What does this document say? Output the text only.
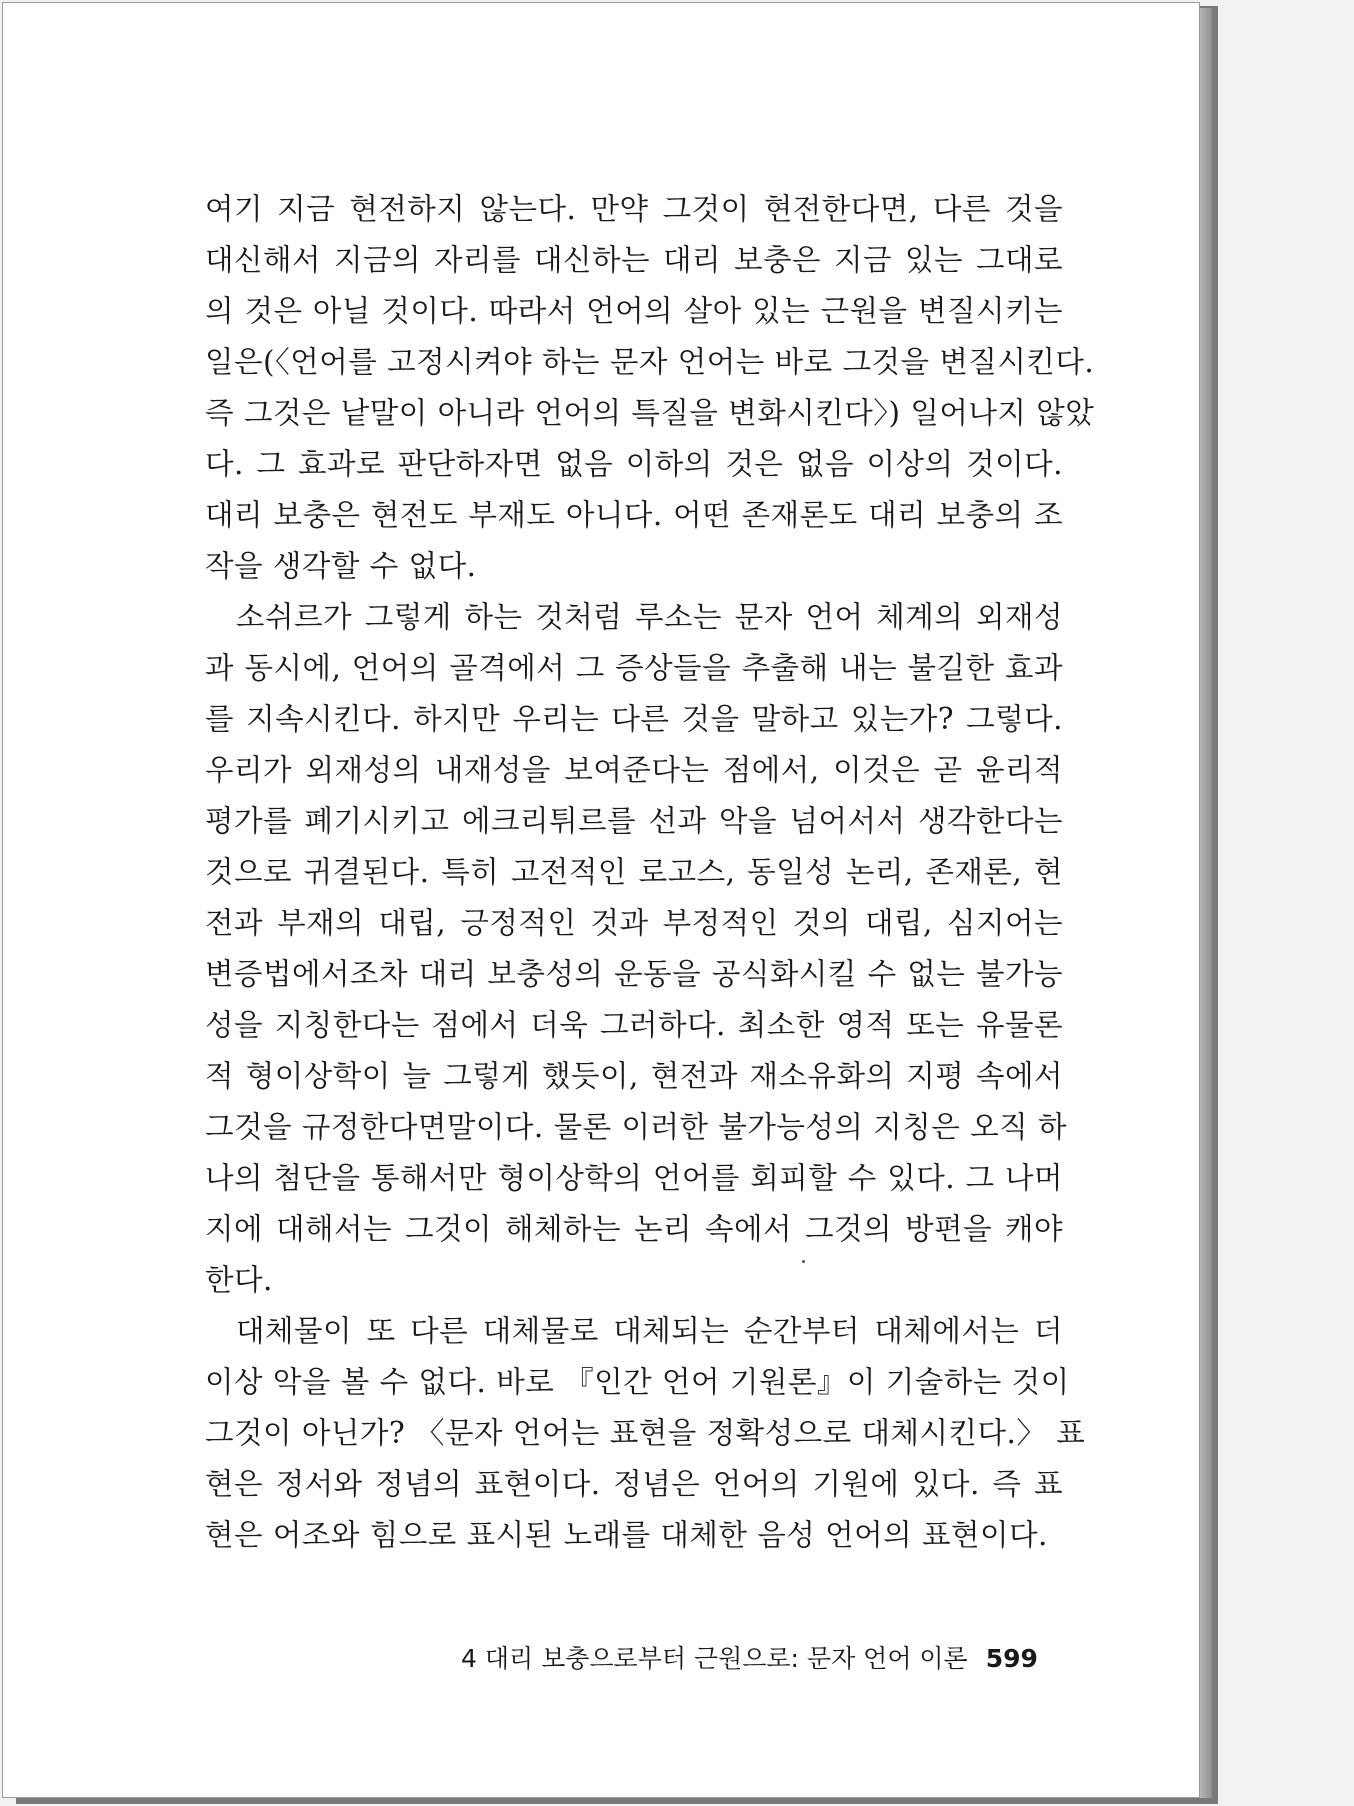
여기 지금 현전하지 않는다. 만약 그것이 현전한다면, 다른 것을
대신해서 지금의 자리를 대신하는 대리 보충은 지금 있는 그대로
의 것은 아닐 것이다. 따라서 언어의 살아 있는 근원을 변질시키는
일은(〈언어를 고정시켜야 하는 문자 언어는 바로 그것을 변질시킨다.
즉 그것은 낱말이 아니라 언어의 특질을 변화시킨다〉) 일어나지 않았
다. 그 효과로 판단하자면 없음 이하의 것은 없음 이상의 것이다.
대리 보충은 현전도 부재도 아니다. 어떤 존재론도 대리 보충의 조
작을 생각할 수 없다.
소쉬르가 그렇게 하는 것처럼 루소는 문자 언어 체계의 외재성
과 동시에, 언어의 골격에서 그 증상들을 추출해 내는 불길한 효과
를 지속시킨다. 하지만 우리는 다른 것을 말하고 있는가? 그렇다.
우리가 외재성의 내재성을 보여준다는 점에서, 이것은 곧 윤리적
평가를 폐기시키고 에크리튀르를 선과 악을 넘어서서 생각한다는
것으로 귀결된다. 특히 고전적인 로고스, 동일성 논리, 존재론, 현
전과 부재의 대립, 긍정적인 것과 부정적인 것의 대립, 심지어는
변증법에서조차 대리 보충성의 운동을 공식화시킬 수 없는 불가능
성을 지칭한다는 점에서 더욱 그러하다. 최소한 영적 또는 유물론
적 형이상학이 늘 그렇게 했듯이, 현전과 재소유화의 지평 속에서
그것을 규정한다면말이다. 물론 이러한 불가능성의 지칭은 오직 하
나의 첨단을 통해서만 형이상학의 언어를 회피할 수 있다. 그 나머
지에 대해서는 그것이 해체하는 논리 속에서 그것의 방편을 캐야
한다.
대체물이 또 다른 대체물로 대체되는 순간부터 대체에서는 더
이상 악을 볼 수 없다. 바로 『인간 언어 기원론』이 기술하는 것이
그것이 아닌가? 〈문자 언어는 표현을 정확성으로 대체시킨다.〉 표
현은 정서와 정념의 표현이다. 정념은 언어의 기원에 있다. 즉 표
현은 어조와 힘으로 표시된 노래를 대체한 음성 언어의 표현이다.
4 대리 보충으로부터 근원으로: 문자 언어 이론 599
